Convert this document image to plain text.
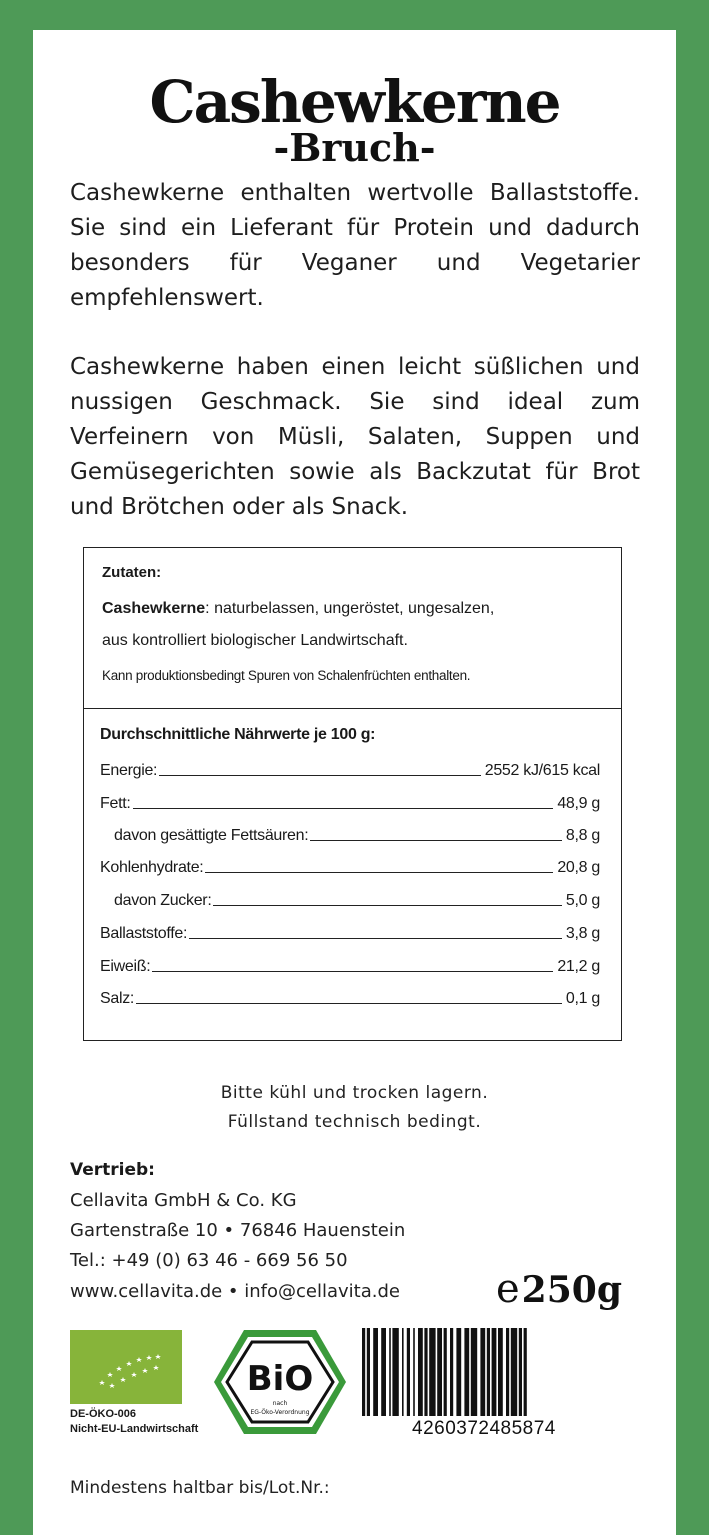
Cashewkerne
-Bruch-
Cashewkerne enthalten wertvolle Ballaststoffe. Sie sind ein Lieferant für Protein und dadurch besonders für Veganer und Vegetarier empfehlenswert.
Cashewkerne haben einen leicht süßlichen und nussigen Geschmack. Sie sind ideal zum Verfeinern von Müsli, Salaten, Suppen und Gemüsegerichten sowie als Backzutat für Brot und Brötchen oder als Snack.
Zutaten:
Cashewkerne: naturbelassen, ungeröstet, ungesalzen,
aus kontrolliert biologischer Landwirtschaft.
Kann produktionsbedingt Spuren von Schalenfrüchten enthalten.
Durchschnittliche Nährwerte je 100 g:
Energie:	2552 kJ/615 kcal
Fett:	48,9 g
davon gesättigte Fettsäuren:	8,8 g
Kohlenhydrate:	20,8 g
davon Zucker:	5,0 g
Ballaststoffe:	3,8 g
Eiweiß:	21,2 g
Salz:	0,1 g
Bitte kühl und trocken lagern.
Füllstand technisch bedingt.
Vertrieb:
Cellavita GmbH & Co. KG
Gartenstraße 10 • 76846 Hauenstein
Tel.: +49 (0) 63 46 - 669 56 50
www.cellavita.de • info@cellavita.de e250g
DE-ÖKO-006
Nicht-EU-Landwirtschaft
BiO
nach
EG-Öko-Verordnung
4260372485874
Mindestens haltbar bis/Lot.Nr.:
